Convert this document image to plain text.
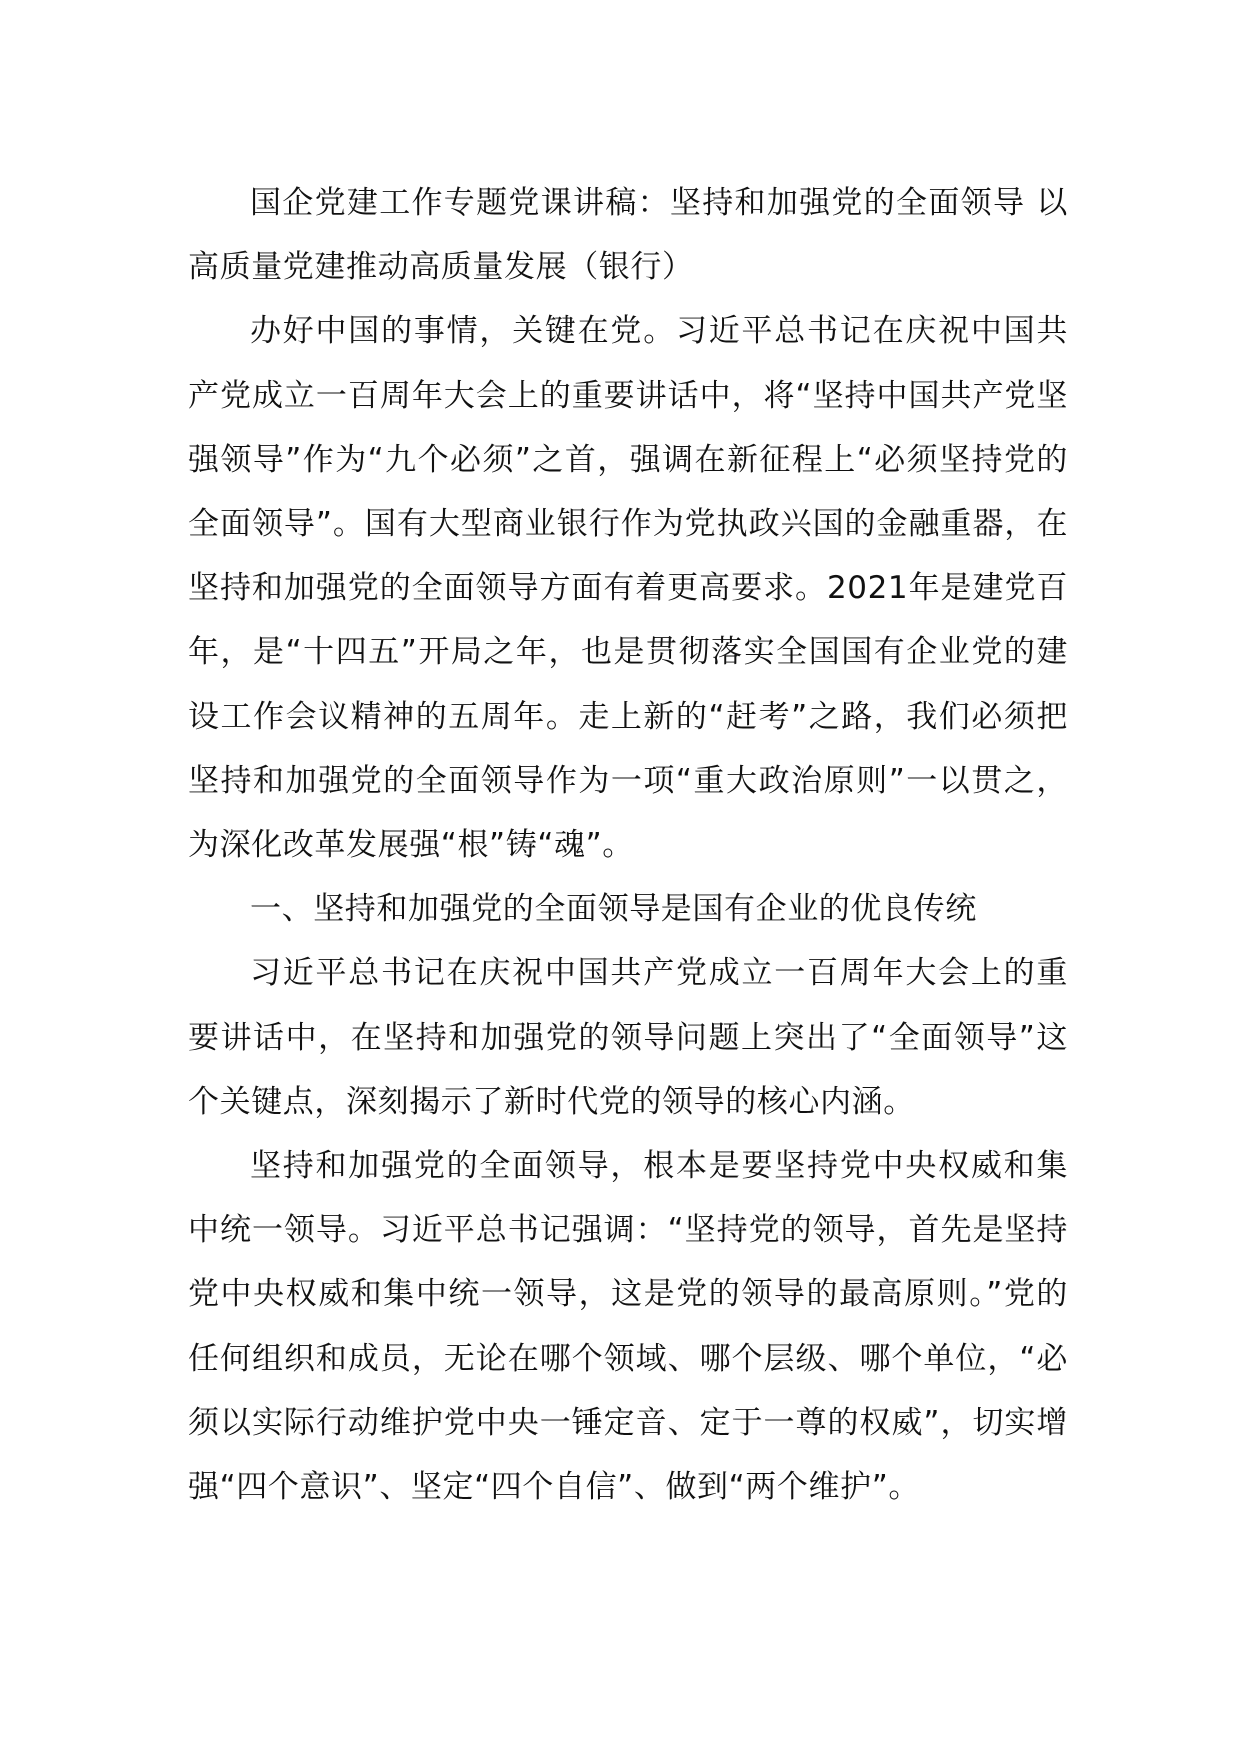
国企党建工作专题党课讲稿：坚持和加强党的全面领导 以高质量党建推动高质量发展（银行）

办好中国的事情，关键在党。习近平总书记在庆祝中国共产党成立一百周年大会上的重要讲话中，将“坚持中国共产党坚强领导”作为“九个必须”之首，强调在新征程上“必须坚持党的全面领导”。国有大型商业银行作为党执政兴国的金融重器，在坚持和加强党的全面领导方面有着更高要求。2021年是建党百年，是“十四五”开局之年，也是贯彻落实全国国有企业党的建设工作会议精神的五周年。走上新的“赶考”之路，我们必须把坚持和加强党的全面领导作为一项“重大政治原则”一以贯之，为深化改革发展强“根”铸“魂”。

一、坚持和加强党的全面领导是国有企业的优良传统

习近平总书记在庆祝中国共产党成立一百周年大会上的重要讲话中，在坚持和加强党的领导问题上突出了“全面领导”这个关键点，深刻揭示了新时代党的领导的核心内涵。

坚持和加强党的全面领导，根本是要坚持党中央权威和集中统一领导。习近平总书记强调：“坚持党的领导，首先是坚持党中央权威和集中统一领导，这是党的领导的最高原则。”党的任何组织和成员，无论在哪个领域、哪个层级、哪个单位，“必须以实际行动维护党中央一锤定音、定于一尊的权威”，切实增强“四个意识”、坚定“四个自信”、做到“两个维护”。
